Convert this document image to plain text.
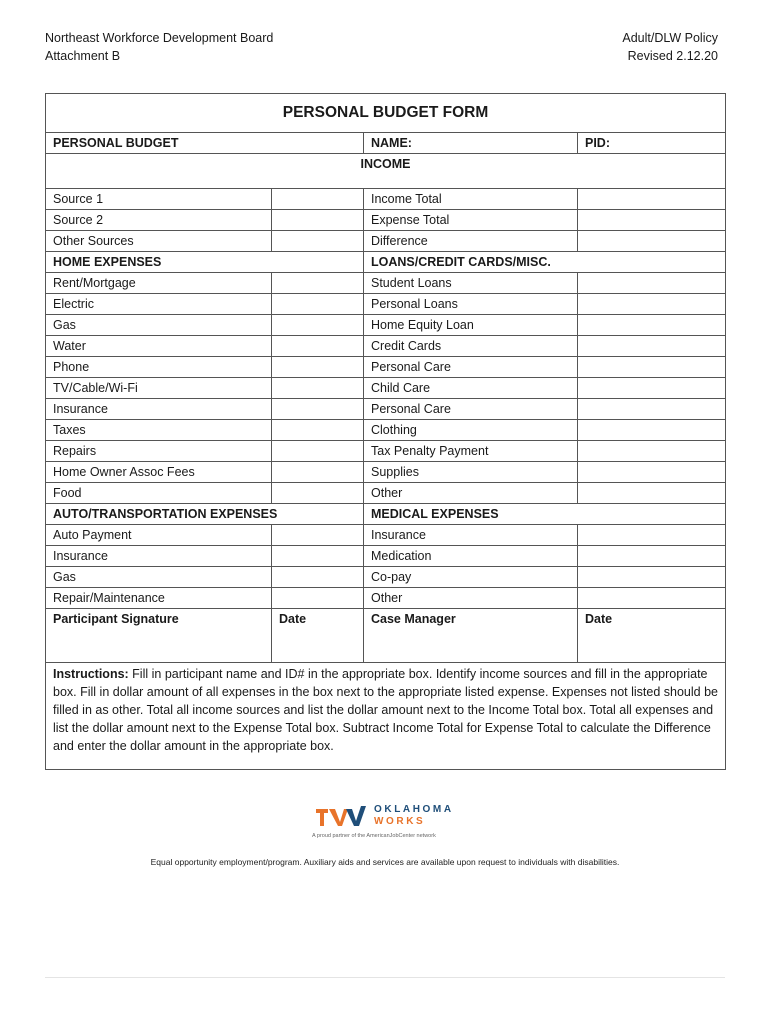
Northeast Workforce Development Board
Attachment B
Adult/DLW Policy
Revised 2.12.20
PERSONAL BUDGET FORM			
PERSONAL BUDGET		NAME:	PID:
INCOME			
Source 1		Income Total	
Source 2		Expense Total	
Other Sources		Difference	
HOME EXPENSES		LOANS/CREDIT CARDS/MISC.	
Rent/Mortgage		Student Loans	
Electric		Personal Loans	
Gas		Home Equity Loan	
Water		Credit Cards	
Phone		Personal Care	
TV/Cable/Wi-Fi		Child Care	
Insurance		Personal Care	
Taxes		Clothing	
Repairs		Tax Penalty Payment	
Home Owner Assoc Fees		Supplies	
Food		Other	
AUTO/TRANSPORTATION EXPENSES		MEDICAL EXPENSES	
Auto Payment		Insurance	
Insurance		Medication	
Gas		Co-pay	
Repair/Maintenance		Other	
Participant Signature	Date	Case Manager	Date
Instructions: Fill in participant name and ID# in the appropriate box. Identify income sources and fill in the appropriate box. Fill in dollar amount of all expenses in the box next to the appropriate listed expense. Expenses not listed should be filled in as other. Total all income sources and list the dollar amount next to the Income Total box. Total all expenses and list the dollar amount next to the Expense Total box. Subtract Income Total for Expense Total to calculate the Difference and enter the dollar amount in the appropriate box.			
OKLAHOMA
WORKS
A proud partner of the AmericanJobCenter network
Equal opportunity employment/program. Auxiliary aids and services are available upon request to individuals with disabilities.
